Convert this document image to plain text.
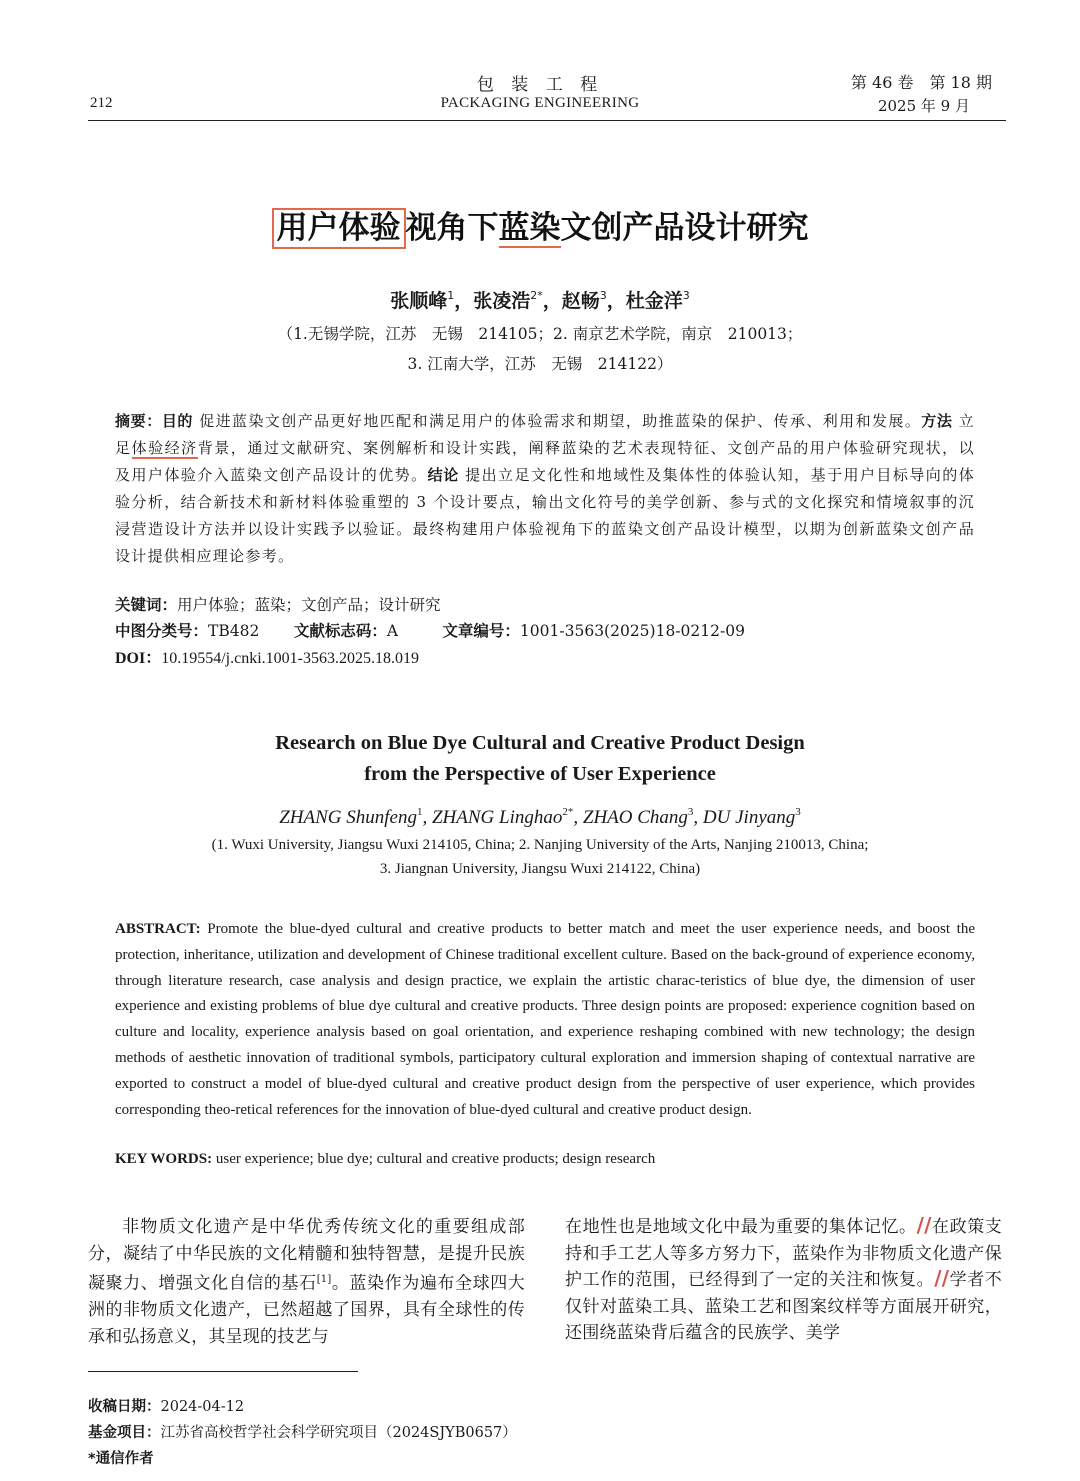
包 装 工 程
PACKAGING ENGINEERING
212
第 46 卷　第 18 期
2025 年 9 月
用户体验 视角下蓝染文创产品设计研究
张顺峰$^1$，张凌浩$^{2*}$，赵畅$^3$，杜金洋$^3$
（1.无锡学院，江苏　无锡　214105；2. 南京艺术学院，南京　210013；
3. 江南大学，江苏　无锡　214122）
摘要：目的 促进蓝染文创产品更好地匹配和满足用户的体验需求和期望，助推蓝染的保护、传承、利用和发展。方法 立足体验经济背景，通过文献研究、案例解析和设计实践，阐释蓝染的艺术表现特征、文创产品的用户体验研究现状，以及用户体验介入蓝染文创产品设计的优势。结论 提出立足文化性和地域性及集体性的体验认知，基于用户目标导向的体验分析，结合新技术和新材料体验重塑的 3 个设计要点，输出文化符号的美学创新、参与式的文化探究和情境叙事的沉浸营造设计方法并以设计实践予以验证。最终构建用户体验视角下的蓝染文创产品设计模型，以期为创新蓝染文创产品设计提供相应理论参考。
关键词：用户体验；蓝染；文创产品；设计研究
中图分类号：TB482 文献标志码：A	文章编号：1001-3563(2025)18-0212-09
DOI：10.19554/j.cnki.1001-3563.2025.18.019
Research on Blue Dye Cultural and Creative Product Design
from the Perspective of User Experience
ZHANG Shunfeng$^1$, ZHANG Linghao$^{2*}$, ZHAO Chang$^3$, DU Jinyang$^3$
(1. Wuxi University, Jiangsu Wuxi 214105, China; 2. Nanjing University of the Arts, Nanjing 210013, China;
3. Jiangnan University, Jiangsu Wuxi 214122, China)
ABSTRACT: Promote the blue-dyed cultural and creative products to better match and meet the user experience needs, and boost the protection, inheritance, utilization and development of Chinese traditional excellent culture. Based on the back-ground of experience economy, through literature research, case analysis and design practice, we explain the artistic charac-teristics of blue dye, the dimension of user experience and existing problems of blue dye cultural and creative products. Three design points are proposed: experience cognition based on culture and locality, experience analysis based on goal orientation, and experience reshaping combined with new technology; the design methods of aesthetic innovation of traditional symbols, participatory cultural exploration and immersion shaping of contextual narrative are exported to construct a model of blue-dyed cultural and creative product design from the perspective of user experience, which provides corresponding theo-retical references for the innovation of blue-dyed cultural and creative product design.
KEY WORDS: user experience; blue dye; cultural and creative products; design research
非物质文化遗产是中华优秀传统文化的重要组成部分，凝结了中华民族的文化精髓和独特智慧，是提升民族凝聚力、增强文化自信的基石[1]。蓝染作为遍布全球四大洲的非物质文化遗产，已然超越了国界，具有全球性的传承和弘扬意义，其呈现的技艺与
在地性也是地域文化中最为重要的集体记忆。//在政策支持和手工艺人等多方努力下，蓝染作为非物质文化遗产保护工作的范围，已经得到了一定的关注和恢复。//学者不仅针对蓝染工具、蓝染工艺和图案纹样等方面展开研究，还围绕蓝染背后蕴含的民族学、美学
收稿日期：2024-04-12
基金项目：江苏省高校哲学社会科学研究项目（2024SJYB0657）
*通信作者
